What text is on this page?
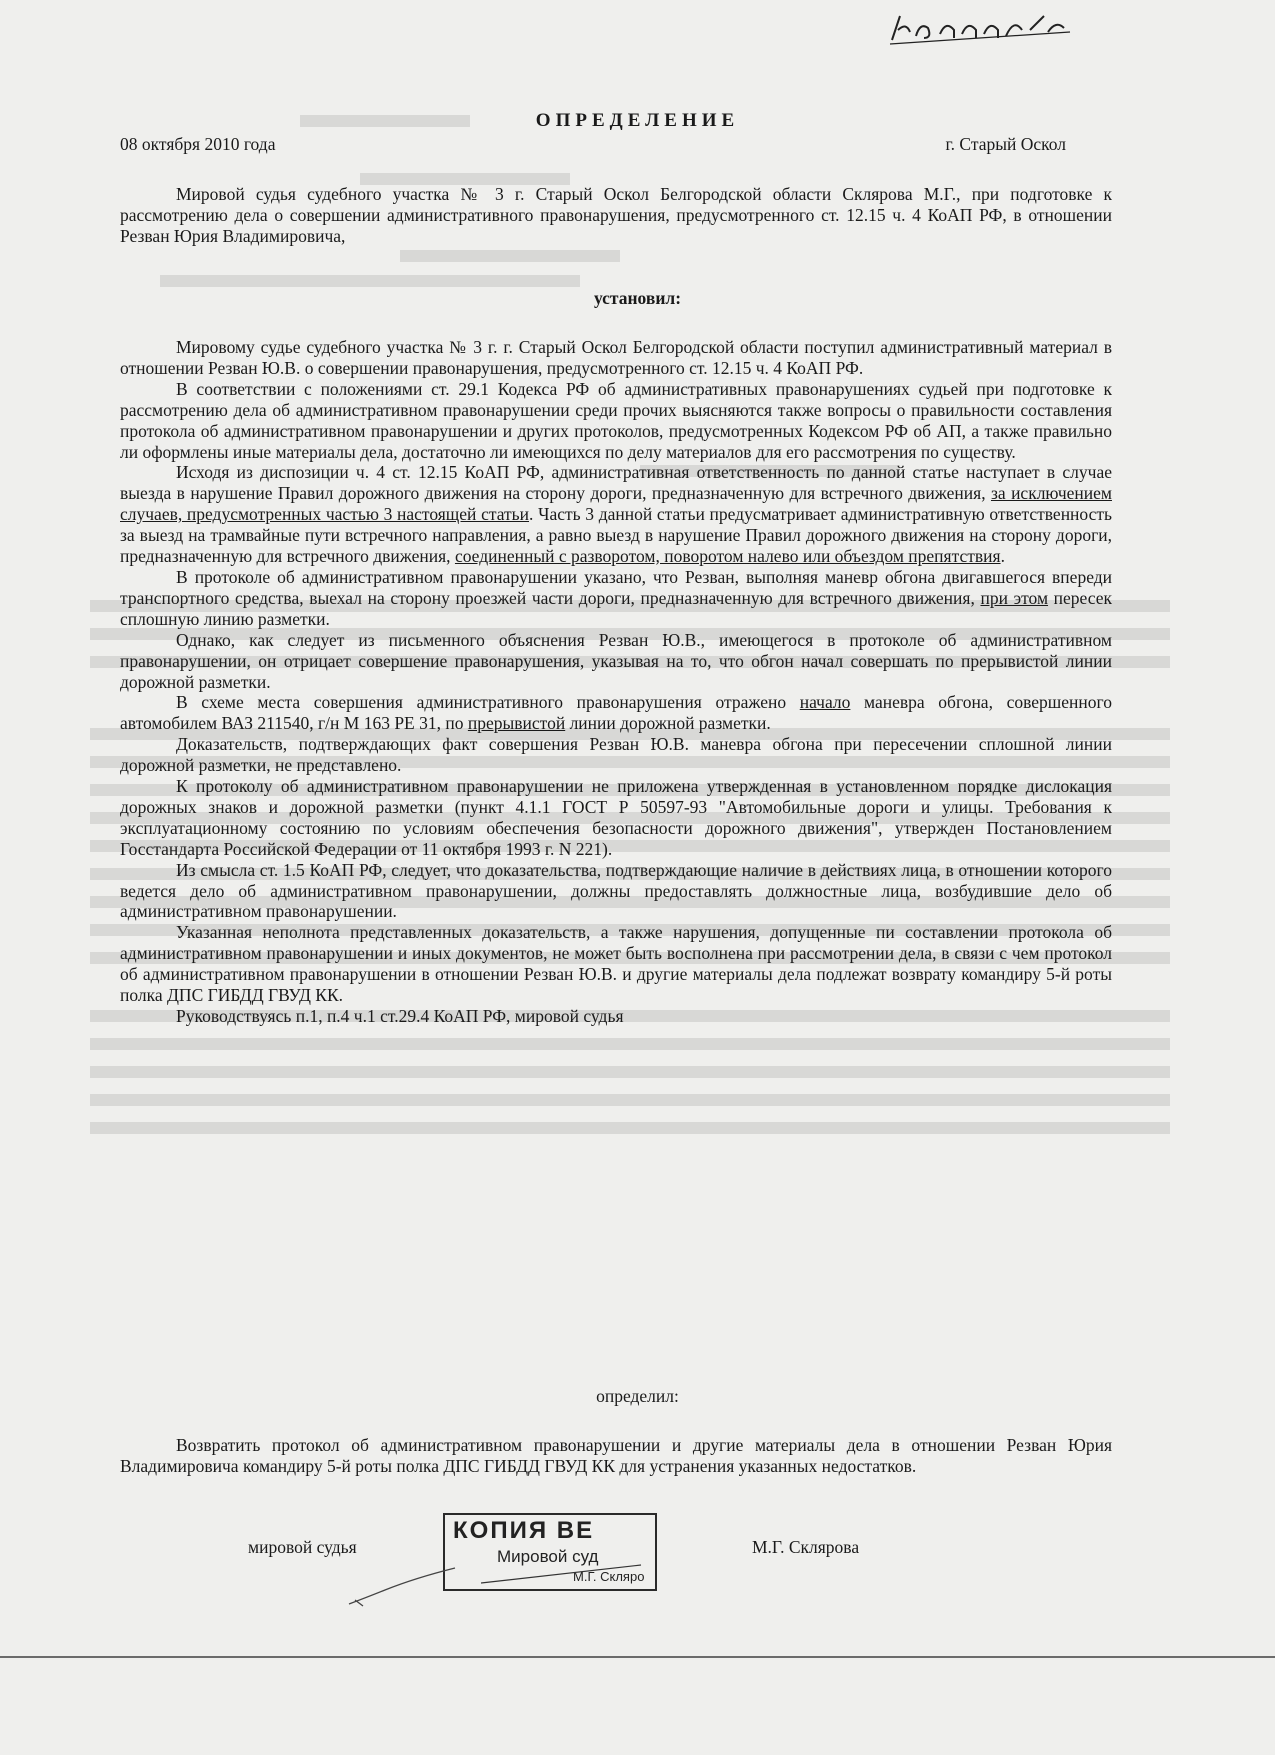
ОПРЕДЕЛЕНИЕ
08 октября 2010 года	г. Старый Оскол

Мировой судья судебного участка № 3 г. Старый Оскол Белгородской области Склярова М.Г., при подготовке к рассмотрению дела о совершении административного правонарушения, предусмотренного ст. 12.15 ч. 4 КоАП РФ, в отношении Резван Юрия Владимировича,

установил:

Мировому судье судебного участка № 3 г. г. Старый Оскол Белгородской области поступил административный материал в отношении Резван Ю.В. о совершении правонарушения, предусмотренного ст. 12.15 ч. 4 КоАП РФ.

В соответствии с положениями ст. 29.1 Кодекса РФ об административных правонарушениях судьей при подготовке к рассмотрению дела об административном правонарушении среди прочих выясняются также вопросы о правильности составления протокола об административном правонарушении и других протоколов, предусмотренных Кодексом РФ об АП, а также правильно ли оформлены иные материалы дела, достаточно ли имеющихся по делу материалов для его рассмотрения по существу.

Исходя из диспозиции ч. 4 ст. 12.15 КоАП РФ, административная ответственность по данной статье наступает в случае выезда в нарушение Правил дорожного движения на сторону дороги, предназначенную для встречного движения, за исключением случаев, предусмотренных частью 3 настоящей статьи. Часть 3 данной статьи предусматривает административную ответственность за выезд на трамвайные пути встречного направления, а равно выезд в нарушение Правил дорожного движения на сторону дороги, предназначенную для встречного движения, соединенный с разворотом, поворотом налево или объездом препятствия.

В протоколе об административном правонарушении указано, что Резван, выполняя маневр обгона двигавшегося впереди транспортного средства, выехал на сторону проезжей части дороги, предназначенную для встречного движения, при этом пересек сплошную линию разметки.

Однако, как следует из письменного объяснения Резван Ю.В., имеющегося в протоколе об административном правонарушении, он отрицает совершение правонарушения, указывая на то, что обгон начал совершать по прерывистой линии дорожной разметки.

В схеме места совершения административного правонарушения отражено начало маневра обгона, совершенного автомобилем ВАЗ 211540, г/н М 163 РЕ 31, по прерывистой линии дорожной разметки.

Доказательств, подтверждающих факт совершения Резван Ю.В. маневра обгона при пересечении сплошной линии дорожной разметки, не представлено.

К протоколу об административном правонарушении не приложена утвержденная в установленном порядке дислокация дорожных знаков и дорожной разметки (пункт 4.1.1 ГОСТ Р 50597-93 "Автомобильные дороги и улицы. Требования к эксплуатационному состоянию по условиям обеспечения безопасности дорожного движения", утвержден Постановлением Госстандарта Российской Федерации от 11 октября 1993 г. N 221).

Из смысла ст. 1.5 КоАП РФ, следует, что доказательства, подтверждающие наличие в действиях лица, в отношении которого ведется дело об административном правонарушении, должны предоставлять должностные лица, возбудившие дело об административном правонарушении.

Указанная неполнота представленных доказательств, а также нарушения, допущенные пи составлении протокола об административном правонарушении и иных документов, не может быть восполнена при рассмотрении дела, в связи с чем протокол об административном правонарушении в отношении Резван Ю.В. и другие материалы дела подлежат возврату командиру 5-й роты полка ДПС ГИБДД ГВУД КК.

Руководствуясь п.1, п.4 ч.1 ст.29.4 КоАП РФ, мировой судья

определил:

Возвратить протокол об административном правонарушении и другие материалы дела в отношении Резван Юрия Владимировича командиру 5-й роты полка ДПС ГИБДД ГВУД КК для устранения указанных недостатков.

мировой судья	М.Г. Склярова
КОПИЯ ВЕ
Мировой суд
М.Г. Скляро
